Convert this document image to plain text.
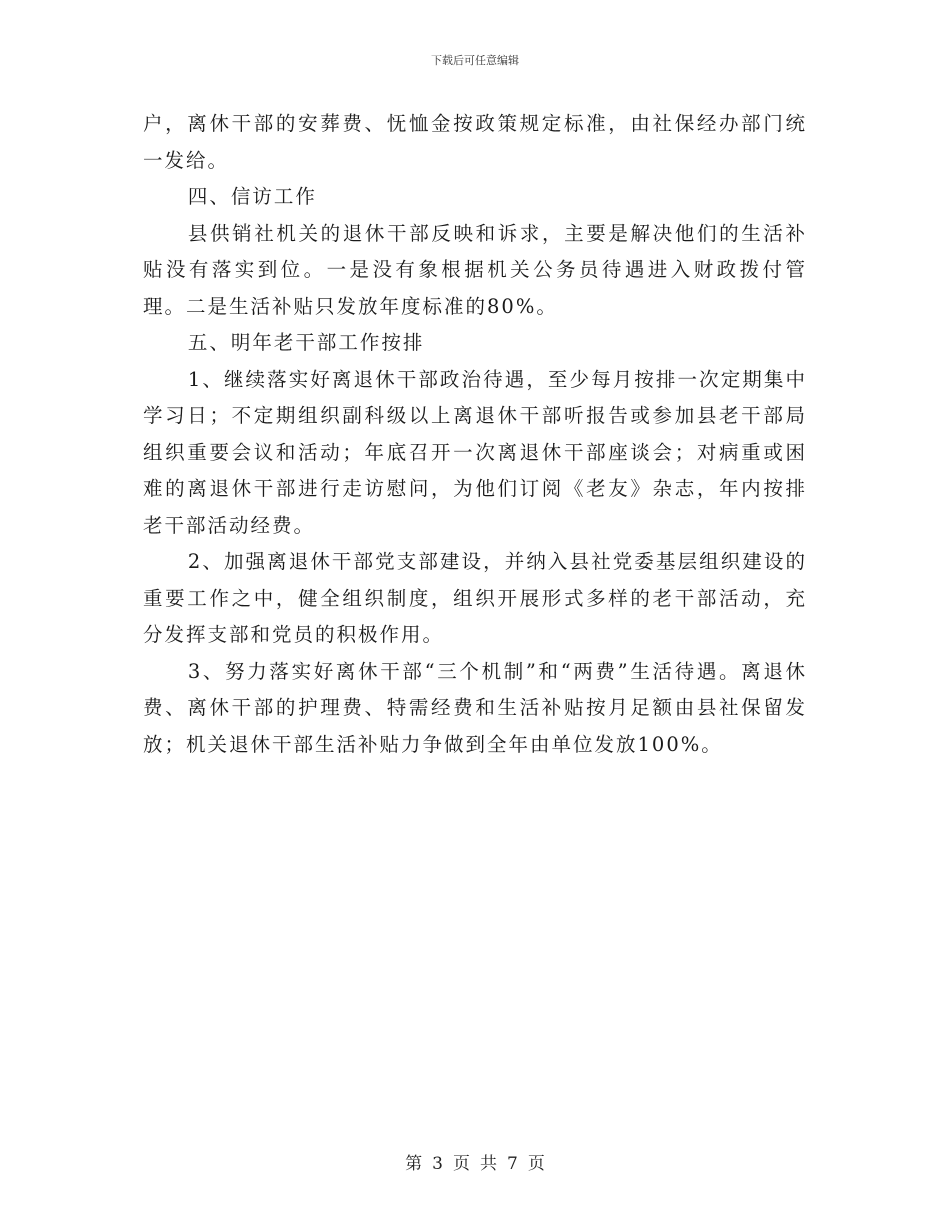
下载后可任意编辑

户，离休干部的安葬费、怃恤金按政策规定标准，由社保经办部门统一发给。

四、信访工作

县供销社机关的退休干部反映和诉求，主要是解决他们的生活补贴没有落实到位。一是没有象根据机关公务员待遇进入财政拨付管理。二是生活补贴只发放年度标准的80%。

五、明年老干部工作按排

1、继续落实好离退休干部政治待遇，至少每月按排一次定期集中学习日；不定期组织副科级以上离退休干部听报告或参加县老干部局组织重要会议和活动；年底召开一次离退休干部座谈会；对病重或困难的离退休干部进行走访慰问，为他们订阅《老友》杂志，年内按排老干部活动经费。

2、加强离退休干部党支部建设，并纳入县社党委基层组织建设的重要工作之中，健全组织制度，组织开展形式多样的老干部活动，充分发挥支部和党员的积极作用。

3、努力落实好离休干部“三个机制”和“两费”生活待遇。离退休费、离休干部的护理费、特需经费和生活补贴按月足额由县社保留发放；机关退休干部生活补贴力争做到全年由单位发放100%。

第 3 页 共 7 页
